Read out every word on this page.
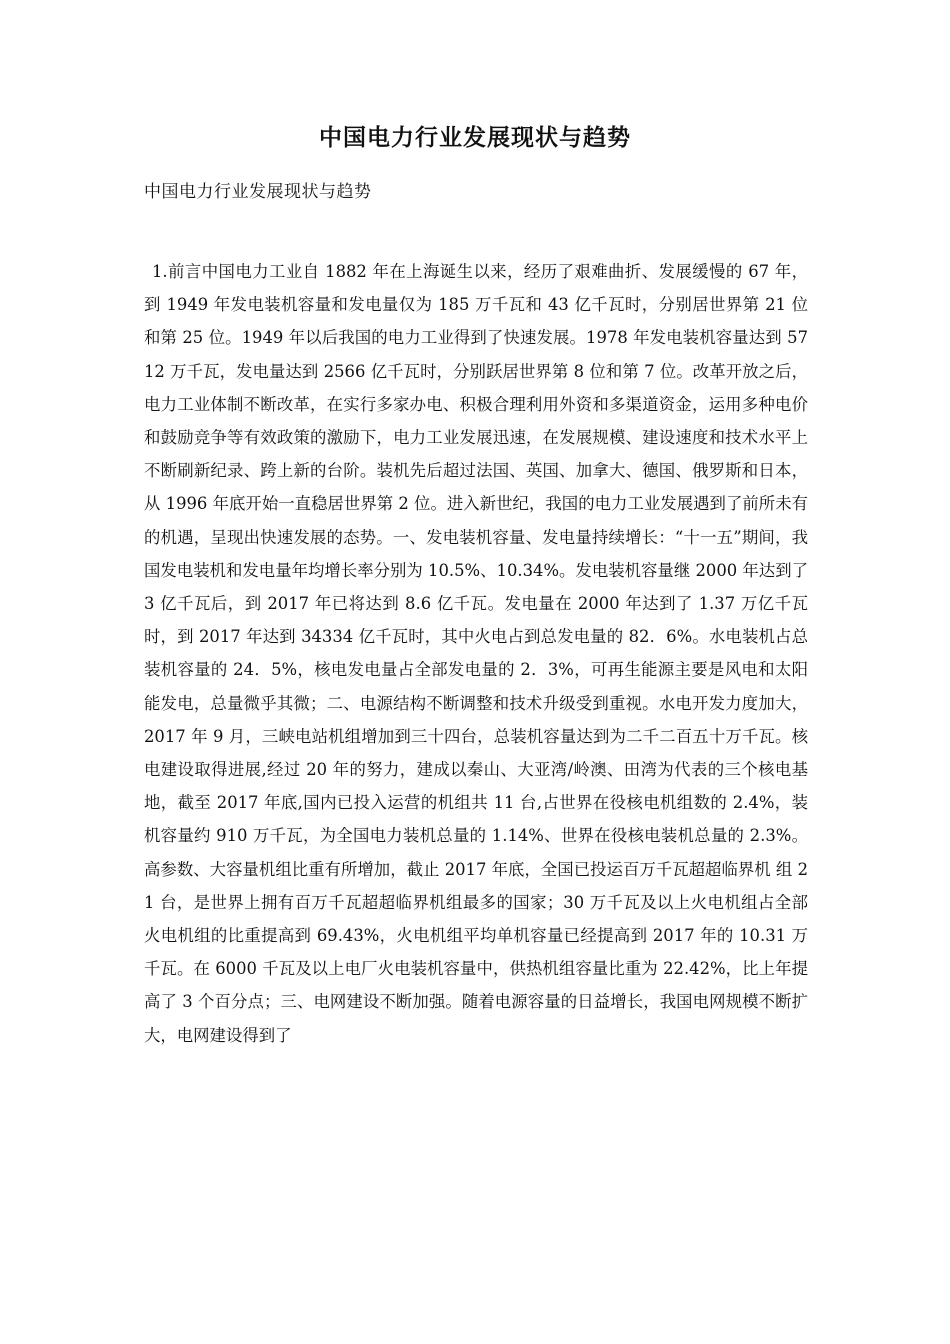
中国电力行业发展现状与趋势
中国电力行业发展现状与趋势

1.前言中国电力工业自 1882 年在上海诞生以来，经历了艰难曲折、发展缓慢的 67 年，到 1949 年发电装机容量和发电量仅为 185 万千瓦和 43 亿千瓦时，分别居世界第 21 位和第 25 位。1949 年以后我国的电力工业得到了快速发展。1978 年发电装机容量达到 5712 万千瓦，发电量达到 2566 亿千瓦时，分别跃居世界第 8 位和第 7 位。改革开放之后，电力工业体制不断改革，在实行多家办电、积极合理利用外资和多渠道资金，运用多种电价和鼓励竞争等有效政策的激励下，电力工业发展迅速，在发展规模、建设速度和技术水平上不断刷新纪录、跨上新的台阶。装机先后超过法国、英国、加拿大、德国、俄罗斯和日本，从 1996 年底开始一直稳居世界第 2 位。进入新世纪，我国的电力工业发展遇到了前所未有的机遇，呈现出快速发展的态势。一、发电装机容量、发电量持续增长：“十一五”期间，我国发电装机和发电量年均增长率分别为 10.5%、10.34%。发电装机容量继 2000 年达到了 3 亿千瓦后，到 2017 年已将达到 8.6 亿千瓦。发电量在 2000 年达到了 1.37 万亿千瓦时，到 2017 年达到 34334 亿千瓦时，其中火电占到总发电量的 82．6%。水电装机占总装机容量的 24．5%，核电发电量占全部发电量的 2．3%，可再生能源主要是风电和太阳能发电，总量微乎其微；二、电源结构不断调整和技术升级受到重视。水电开发力度加大，2017 年 9 月，三峡电站机组增加到三十四台，总装机容量达到为二千二百五十万千瓦。核电建设取得进展,经过 20 年的努力，建成以秦山、大亚湾/岭澳、田湾为代表的三个核电基地，截至 2017 年底,国内已投入运营的机组共 11 台,占世界在役核电机组数的 2.4%，装机容量约 910 万千瓦，为全国电力装机总量的 1.14%、世界在役核电装机总量的 2.3%。高参数、大容量机组比重有所增加，截止 2017 年底，全国已投运百万千瓦超超临界机 组 21 台，是世界上拥有百万千瓦超超临界机组最多的国家；30 万千瓦及以上火电机组占全部火电机组的比重提高到 69.43%，火电机组平均单机容量已经提高到 2017 年的 10.31 万千瓦。在 6000 千瓦及以上电厂火电装机容量中，供热机组容量比重为 22.42%，比上年提高了 3 个百分点；三、电网建设不断加强。随着电源容量的日益增长，我国电网规模不断扩大，电网建设得到了
